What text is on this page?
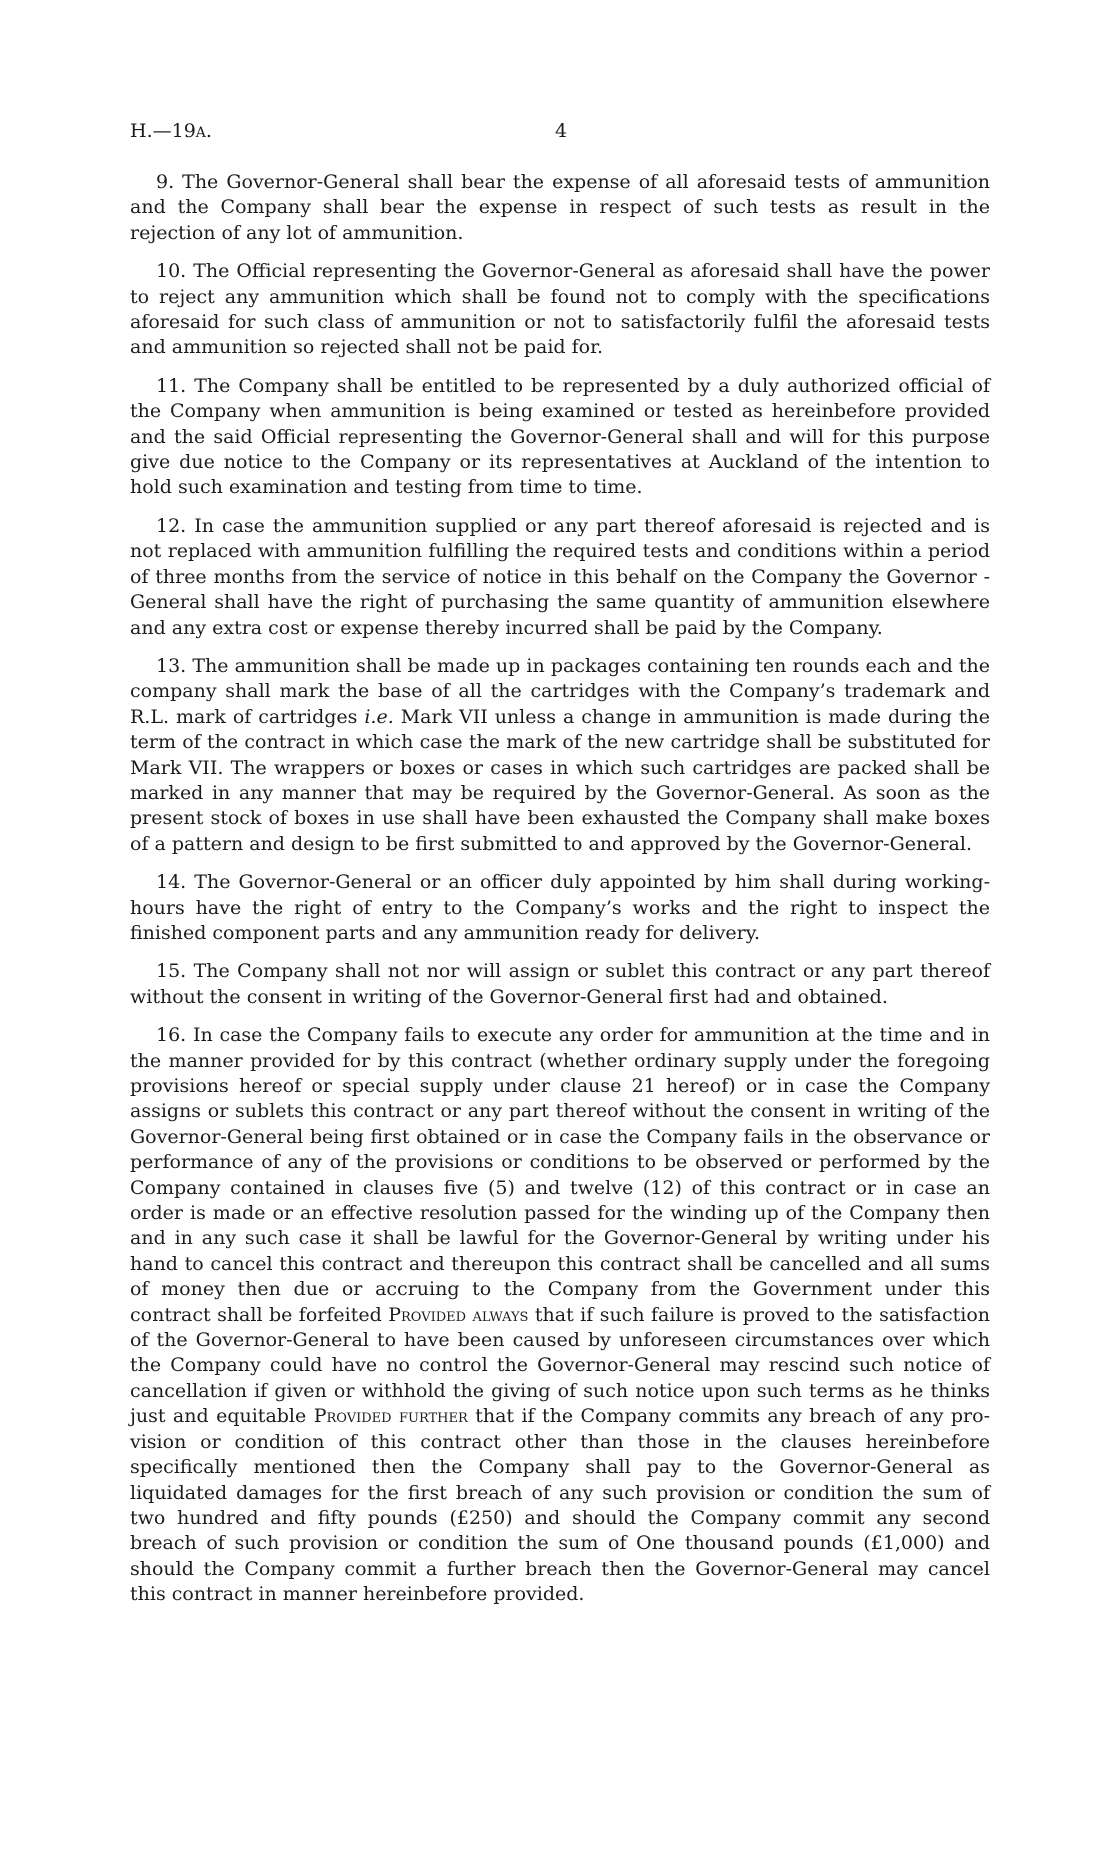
H.—19A.	4

9. The Governor-General shall bear the expense of all aforesaid tests of ammunition and the Company shall bear the expense in respect of such tests as result in the rejection of any lot of ammunition.

10. The Official representing the Governor-General as aforesaid shall have the power to reject any ammunition which shall be found not to comply with the specifications aforesaid for such class of ammunition or not to satisfactorily fulfil the aforesaid tests and ammunition so rejected shall not be paid for.

11. The Company shall be entitled to be represented by a duly authorized official of the Company when ammunition is being examined or tested as hereinbefore provided and the said Official representing the Governor-General shall and will for this purpose give due notice to the Company or its representatives at Auckland of the intention to hold such examination and testing from time to time.

12. In case the ammunition supplied or any part thereof aforesaid is rejected and is not replaced with ammunition fulfilling the required tests and conditions within a period of three months from the service of notice in this behalf on the Company the Governor - General shall have the right of purchasing the same quantity of ammunition elsewhere and any extra cost or expense thereby incurred shall be paid by the Company.

13. The ammunition shall be made up in packages containing ten rounds each and the company shall mark the base of all the cartridges with the Company’s trademark and R.L. mark of cartridges i.e. Mark VII unless a change in ammunition is made during the term of the contract in which case the mark of the new cartridge shall be substituted for Mark VII. The wrappers or boxes or cases in which such cartridges are packed shall be marked in any manner that may be required by the Governor-General. As soon as the present stock of boxes in use shall have been exhausted the Company shall make boxes of a pattern and design to be first submitted to and approved by the Governor-General.

14. The Governor-General or an officer duly appointed by him shall during working-hours have the right of entry to the Company’s works and the right to inspect the finished component parts and any ammunition ready for delivery.

15. The Company shall not nor will assign or sublet this contract or any part thereof without the consent in writing of the Governor-General first had and obtained.

16. In case the Company fails to execute any order for ammunition at the time and in the manner provided for by this contract (whether ordinary supply under the foregoing provisions hereof or special supply under clause 21 hereof) or in case the Company assigns or sublets this contract or any part thereof without the consent in writing of the Governor-General being first obtained or in case the Company fails in the observance or performance of any of the provisions or conditions to be observed or performed by the Company contained in clauses five (5) and twelve (12) of this contract or in case an order is made or an effective resolution passed for the winding up of the Company then and in any such case it shall be lawful for the Governor-General by writing under his hand to cancel this contract and thereupon this contract shall be cancelled and all sums of money then due or accruing to the Company from the Government under this contract shall be forfeited Provided always that if such failure is proved to the satisfaction of the Governor-General to have been caused by unforeseen circumstances over which the Company could have no control the Governor-General may rescind such notice of cancellation if given or withhold the giving of such notice upon such terms as he thinks just and equitable Provided further that if the Company commits any breach of any provision or condition of this contract other than those in the clauses hereinbefore specifically mentioned then the Company shall pay to the Governor-General as liquidated damages for the first breach of any such provision or condition the sum of two hundred and fifty pounds (£250) and should the Company commit any second breach of such provision or condition the sum of One thousand pounds (£1,000) and should the Company commit a further breach then the Governor-General may cancel this contract in manner hereinbefore provided.
